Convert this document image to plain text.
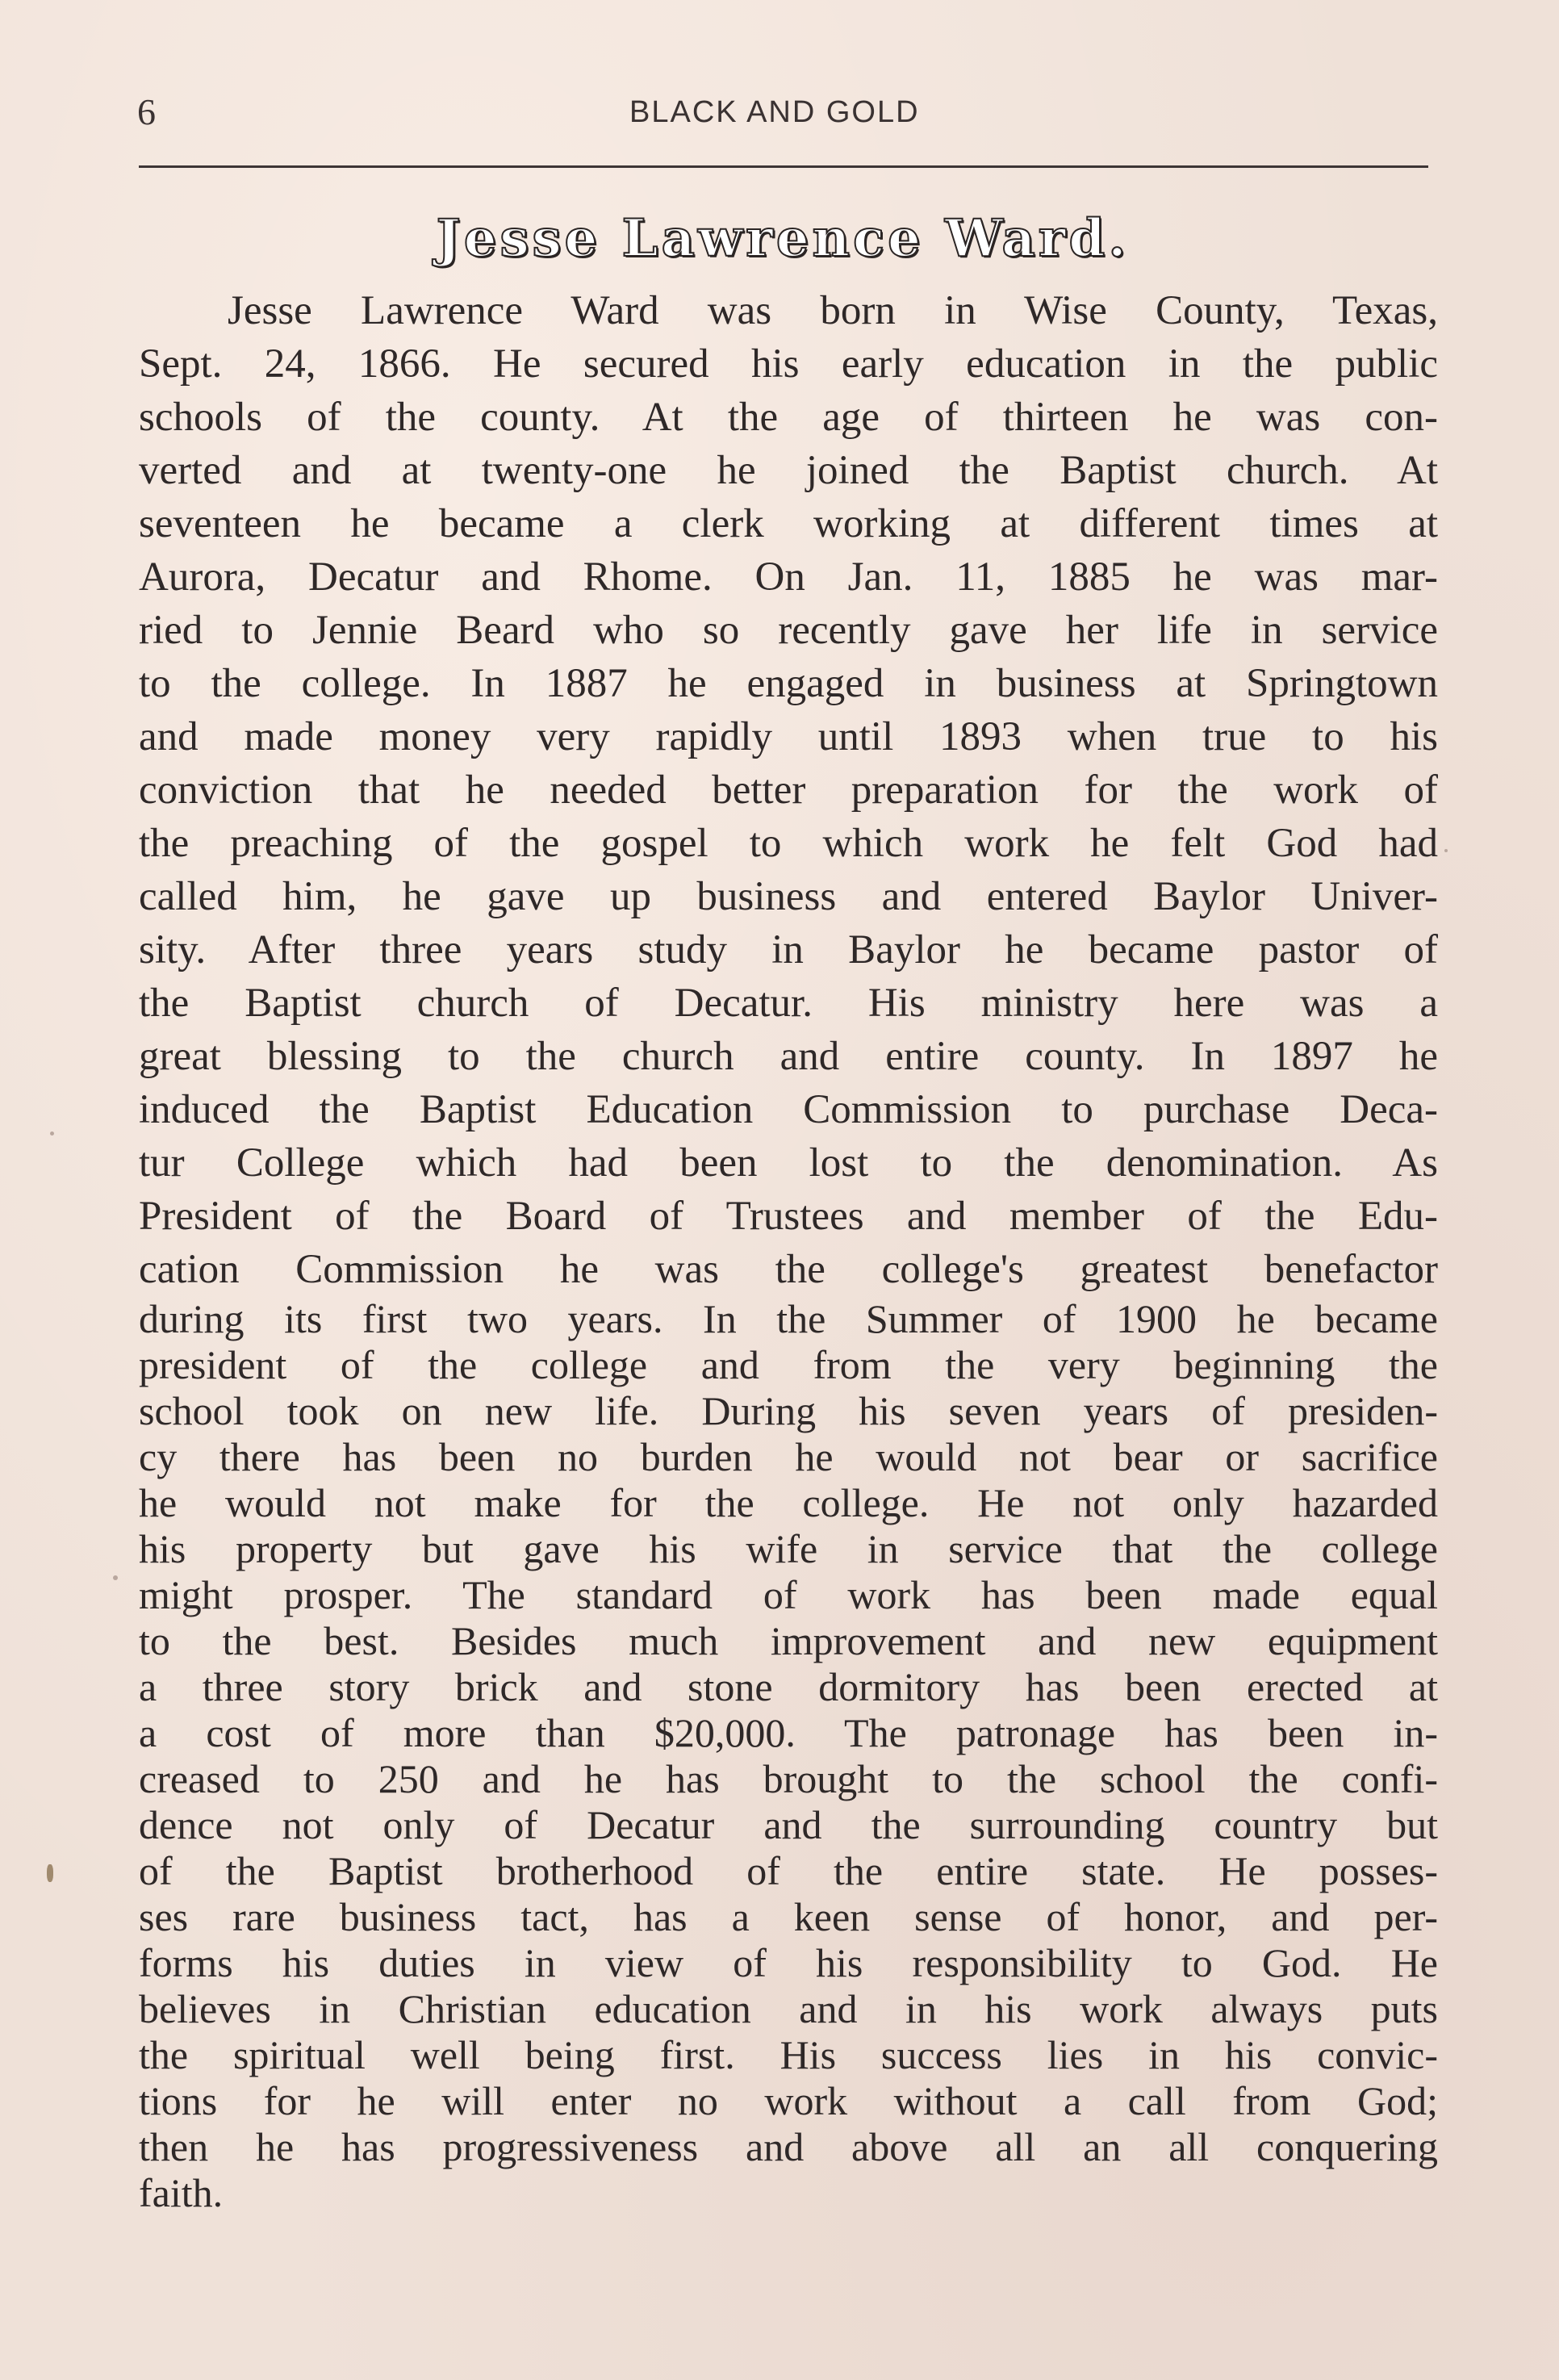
6	BLACK AND GOLD
Jesse Lawrence Ward.
Jesse Lawrence Ward was born in Wise County, Texas,
Sept. 24, 1866. He secured his early education in the public
schools of the county. At the age of thirteen he was con-
verted and at twenty-one he joined the Baptist church. At
seventeen he became a clerk working at different times at
Aurora, Decatur and Rhome. On Jan. 11, 1885 he was mar-
ried to Jennie Beard who so recently gave her life in service
to the college. In 1887 he engaged in business at Springtown
and made money very rapidly until 1893 when true to his
conviction that he needed better preparation for the work of
the preaching of the gospel to which work he felt God had
called him, he gave up business and entered Baylor Univer-
sity. After three years study in Baylor he became pastor of
the Baptist church of Decatur. His ministry here was a
great blessing to the church and entire county. In 1897 he
induced the Baptist Education Commission to purchase Deca-
tur College which had been lost to the denomination. As
President of the Board of Trustees and member of the Edu-
cation Commission he was the college's greatest benefactor
during its first two years. In the Summer of 1900 he became
president of the college and from the very beginning the
school took on new life. During his seven years of presiden-
cy there has been no burden he would not bear or sacrifice
he would not make for the college. He not only hazarded
his property but gave his wife in service that the college
might prosper. The standard of work has been made equal
to the best. Besides much improvement and new equipment
a three story brick and stone dormitory has been erected at
a cost of more than $20,000. The patronage has been in-
creased to 250 and he has brought to the school the confi-
dence not only of Decatur and the surrounding country but
of the Baptist brotherhood of the entire state. He posses-
ses rare business tact, has a keen sense of honor, and per-
forms his duties in view of his responsibility to God. He
believes in Christian education and in his work always puts
the spiritual well being first. His success lies in his convic-
tions for he will enter no work without a call from God;
then he has progressiveness and above all an all conquering
faith.
